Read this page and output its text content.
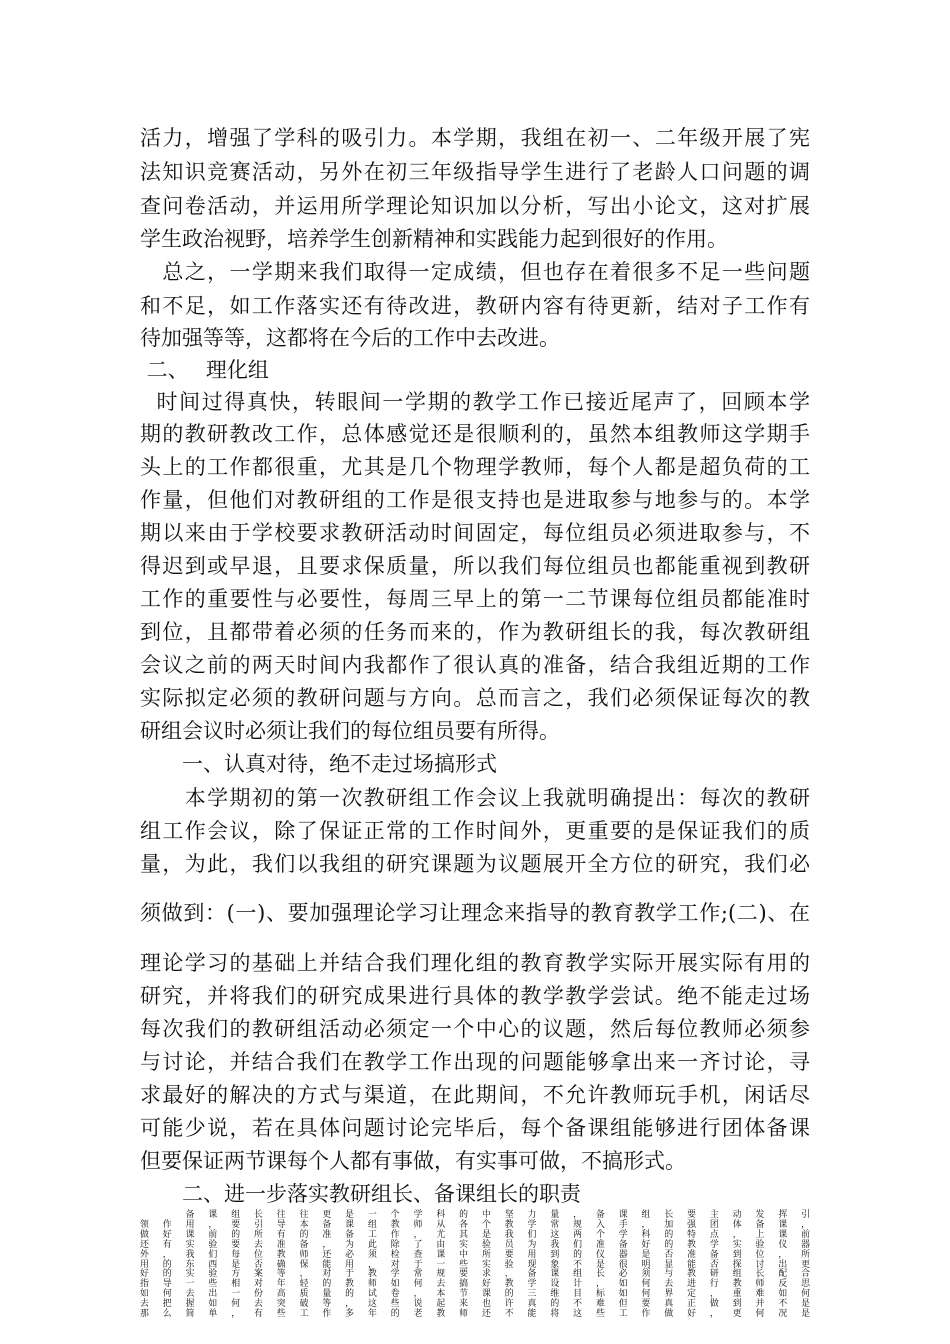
活力，增强了学科的吸引力。本学期，我组在初一、二年级开展了宪
法知识竞赛活动，另外在初三年级指导学生进行了老龄人口问题的调
查问卷活动，并运用所学理论知识加以分析，写出小论文，这对扩展
学生政治视野，培养学生创新精神和实践能力起到很好的作用。
　总之，一学期来我们取得一定成绩，但也存在着很多不足一些问题
和不足，如工作落实还有待改进，教研内容有待更新，结对子工作有
待加强等等，这都将在今后的工作中去改进。
二、　 理化组
时间过得真快，转眼间一学期的教学工作已接近尾声了，回顾本学
期的教研教改工作，总体感觉还是很顺利的，虽然本组教师这学期手
头上的工作都很重，尤其是几个物理学教师，每个人都是超负荷的工
作量，但他们对教研组的工作是很支持也是进取参与地参与的。本学
期以来由于学校要求教研活动时间固定，每位组员必须进取参与，不
得迟到或早退，且要求保质量，所以我们每位组员也都能重视到教研
工作的重要性与必要性，每周三早上的第一二节课每位组员都能准时
到位，且都带着必须的任务而来的，作为教研组长的我，每次教研组
会议之前的两天时间内我都作了很认真的准备，结合我组近期的工作
实际拟定必须的教研问题与方向。总而言之，我们必须保证每次的教
研组会议时必须让我们的每位组员要有所得。
　　一、认真对待，绝不走过场搞形式
　　本学期初的第一次教研组工作会议上我就明确提出：每次的教研
组工作会议，除了保证正常的工作时间外，更重要的是保证我们的质
量，为此，我们以我组的研究课题为议题展开全方位的研究，我们必
须做到：(一)、要加强理论学习让理念来指导的教育教学工作;(二)、在
理论学习的基础上并结合我们理化组的教育教学实际开展实际有用的
研究，并将我们的研究成果进行具体的教学教学尝试。绝不能走过场
每次我们的教研组活动必须定一个中心的议题，然后每位教师必须参
与讨论，并结合我们在教学工作出现的问题能够拿出来一齐讨论，寻
求最好的解决的方式与渠道，在此期间，不允许教师玩手机，闲话尽
可能少说，若在具体问题讨论完毕后，每个备课组能够进行团体备课
但要保证两节课每个人都有事做，有实事可做，不搞形式。
　　二、进一步落实教研组长、备课组长的职责
　　备课组长往往更是一个学科的中坚力量，备课组长要主动发挥引
领作用，要引导本备课组教师从各个教学常规入手，加强团体备课，
做好课前的所有的准备工作，尤其是我们这两个学科的特点，上课前
还有实验要去准备，为此除了由实验员为我们准备好的教学实验仪器
外，我们每位教师还必须检查课中所要用到的仪器是否准备到位，所
用的东西是否确保能用，对于一些实验现象不是很明显能否探讨出更
好的实验方案等，对于教学常规要求，备课组长必须与教研组长配合
指导一些相对年轻的教师如何去搞好教学设计，如何去进行教师反思
如何去出一份高质量的试卷，本节课的三维目标如何界定，重难如何
去把握如何去突破等，这些说起来也许真的不难但要真正做到并不是
那么简单，有些工作多年的老教师还不能将这些工作做好，更何况是
